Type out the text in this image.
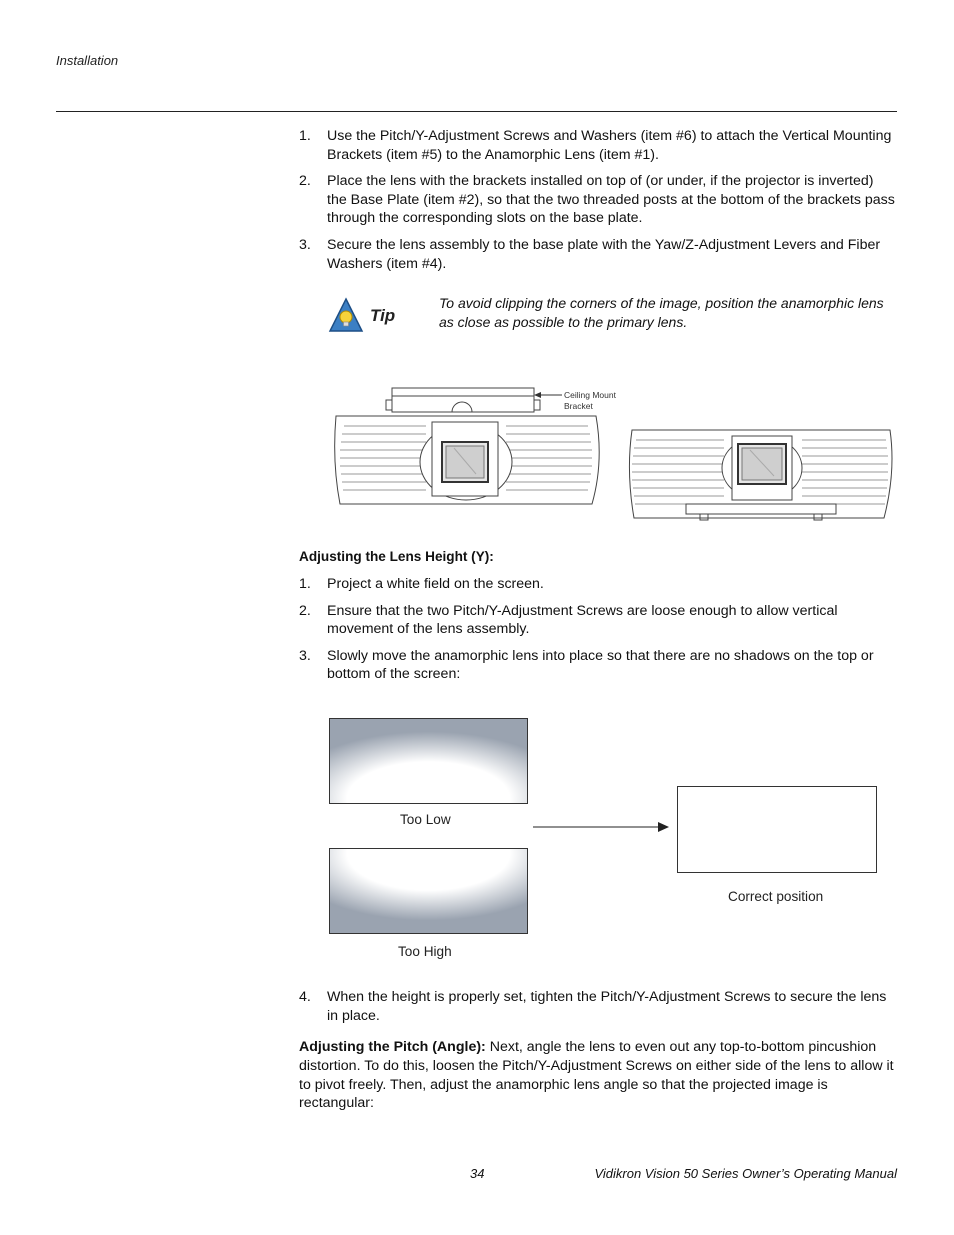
Installation
1. Use the Pitch/Y-Adjustment Screws and Washers (item #6) to attach the Vertical Mounting Brackets (item #5) to the Anamorphic Lens (item #1).
2. Place the lens with the brackets installed on top of (or under, if the projector is inverted) the Base Plate (item #2), so that the two threaded posts at the bottom of the brackets pass through the corresponding slots on the base plate.
3. Secure the lens assembly to the base plate with the Yaw/Z-Adjustment Levers and Fiber Washers (item #4).
Tip
To avoid clipping the corners of the image, position the anamorphic lens as close as possible to the primary lens.
Ceiling Mount
Bracket
Adjusting the Lens Height (Y):
1. Project a white field on the screen.
2. Ensure that the two Pitch/Y-Adjustment Screws are loose enough to allow vertical movement of the lens assembly.
3. Slowly move the anamorphic lens into place so that there are no shadows on the top or bottom of the screen:
Too Low
Too High
Correct position
4. When the height is properly set, tighten the Pitch/Y-Adjustment Screws to secure the lens in place.
Adjusting the Pitch (Angle): Next, angle the lens to even out any top-to-bottom pincushion distortion. To do this, loosen the Pitch/Y-Adjustment Screws on either side of the lens to allow it to pivot freely. Then, adjust the anamorphic lens angle so that the projected image is rectangular:
34	Vidikron Vision 50 Series Owner’s Operating Manual
